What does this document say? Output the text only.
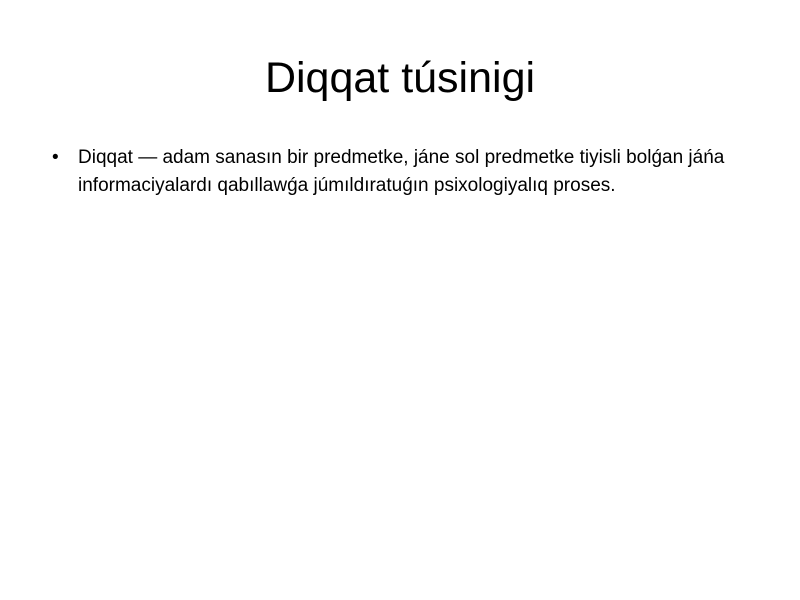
Diqqat túsinigi
• Diqqat — adam sanasın bir predmetke, jáne sol predmetke tiyisli bolǵan jáńa informaciyalardı qabıllawǵa júmıldıratuǵın psixologiyalıq proses.
